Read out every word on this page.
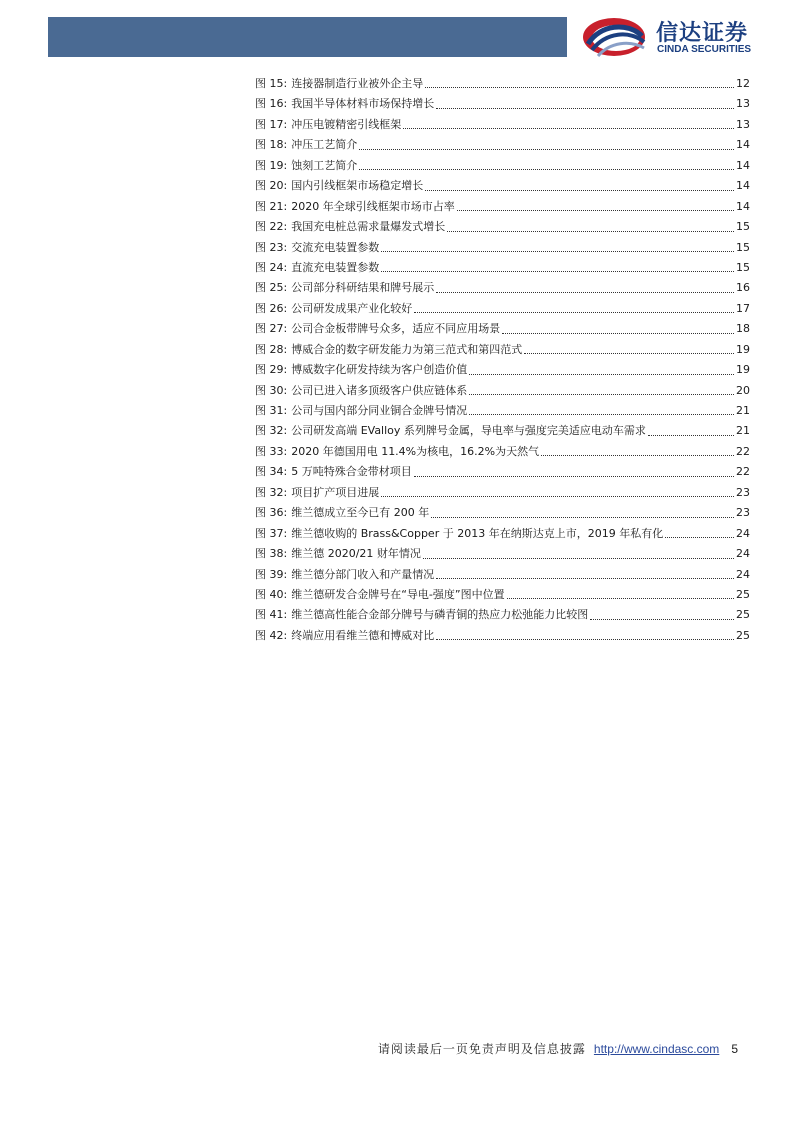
信达证券
CINDA SECURITIES
图 15: 连接器制造行业被外企主导	12
图 16: 我国半导体材料市场保持增长	13
图 17: 冲压电镀精密引线框架	13
图 18: 冲压工艺简介	14
图 19: 蚀刻工艺简介	14
图 20: 国内引线框架市场稳定增长	14
图 21: 2020 年全球引线框架市场市占率	14
图 22: 我国充电桩总需求量爆发式增长	15
图 23: 交流充电装置参数	15
图 24: 直流充电装置参数	15
图 25: 公司部分科研结果和牌号展示	16
图 26: 公司研发成果产业化较好	17
图 27: 公司合金板带牌号众多，适应不同应用场景	18
图 28: 博威合金的数字研发能力为第三范式和第四范式	19
图 29: 博威数字化研发持续为客户创造价值	19
图 30: 公司已进入诸多顶级客户供应链体系	20
图 31: 公司与国内部分同业铜合金牌号情况	21
图 32: 公司研发高端 EValloy 系列牌号金属，导电率与强度完美适应电动车需求	21
图 33: 2020 年德国用电 11.4%为核电，16.2%为天然气	22
图 34: 5 万吨特殊合金带材项目	22
图 32: 项目扩产项目进展	23
图 36: 维兰德成立至今已有 200 年	23
图 37: 维兰德收购的 Brass&Copper 于 2013 年在纳斯达克上市，2019 年私有化	24
图 38: 维兰德 2020/21 财年情况	24
图 39: 维兰德分部门收入和产量情况	24
图 40: 维兰德研发合金牌号在“导电-强度”图中位置	25
图 41: 维兰德高性能合金部分牌号与磷青铜的热应力松弛能力比较图	25
图 42: 终端应用看维兰德和博威对比	25
请阅读最后一页免责声明及信息披露 http://www.cindasc.com 5
